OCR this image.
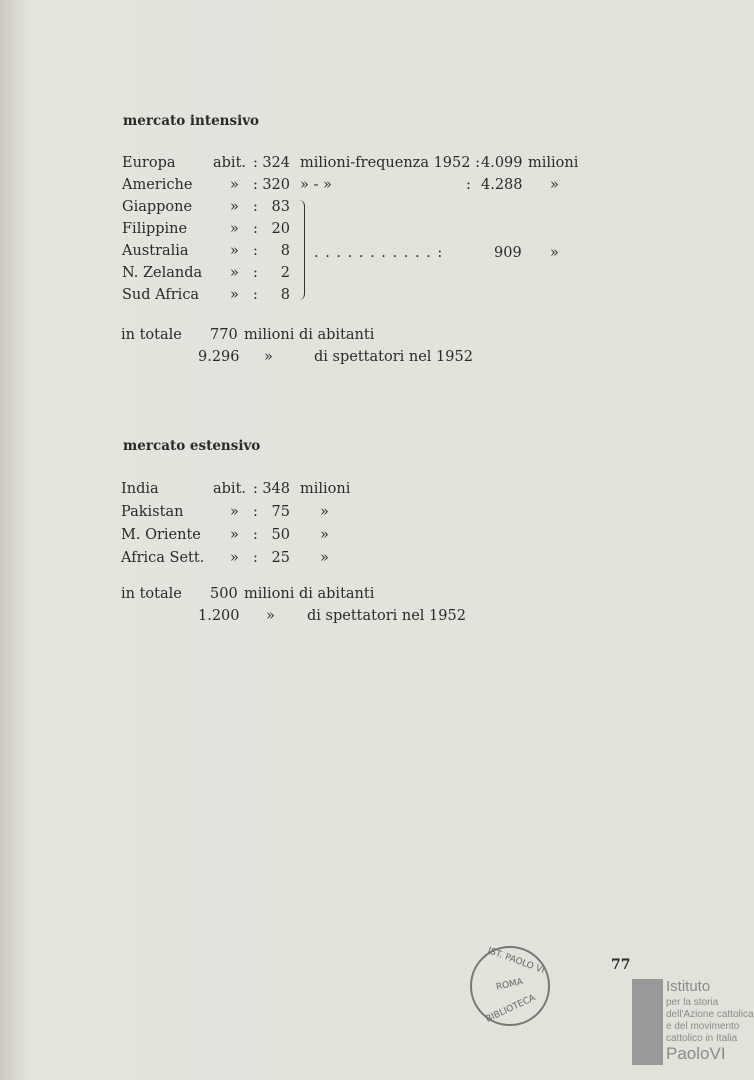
mercato intensivo
. . . . . . . . . . . :	909 »
in totale 770 milioni di abitanti
9.296 »	di spettatori nel 1952
mercato estensivo
in totale 500 milioni di abitanti
1.200 » di spettatori nel 1952
IST. PAOLO VI
ROMA
BIBLIOTECA
77
Istituto
per la storia
dell'Azione cattolica
e del movimento
cattolico in Italia
PaoloVI
Europa	abit. : 324 milioni-frequenza 1952 : 4.099 milioni
Americhe	» : 320 » - »	: 4.288 »
Giappone	» : 83
Filippine	» : 20
Australia	» :	8
N. Zelanda » :	2
Sud Africa » :	8
India	abit. : 348 milioni
Pakistan	» : 75 »
M. Oriente » : 50 »
Africa Sett. » : 25 »
